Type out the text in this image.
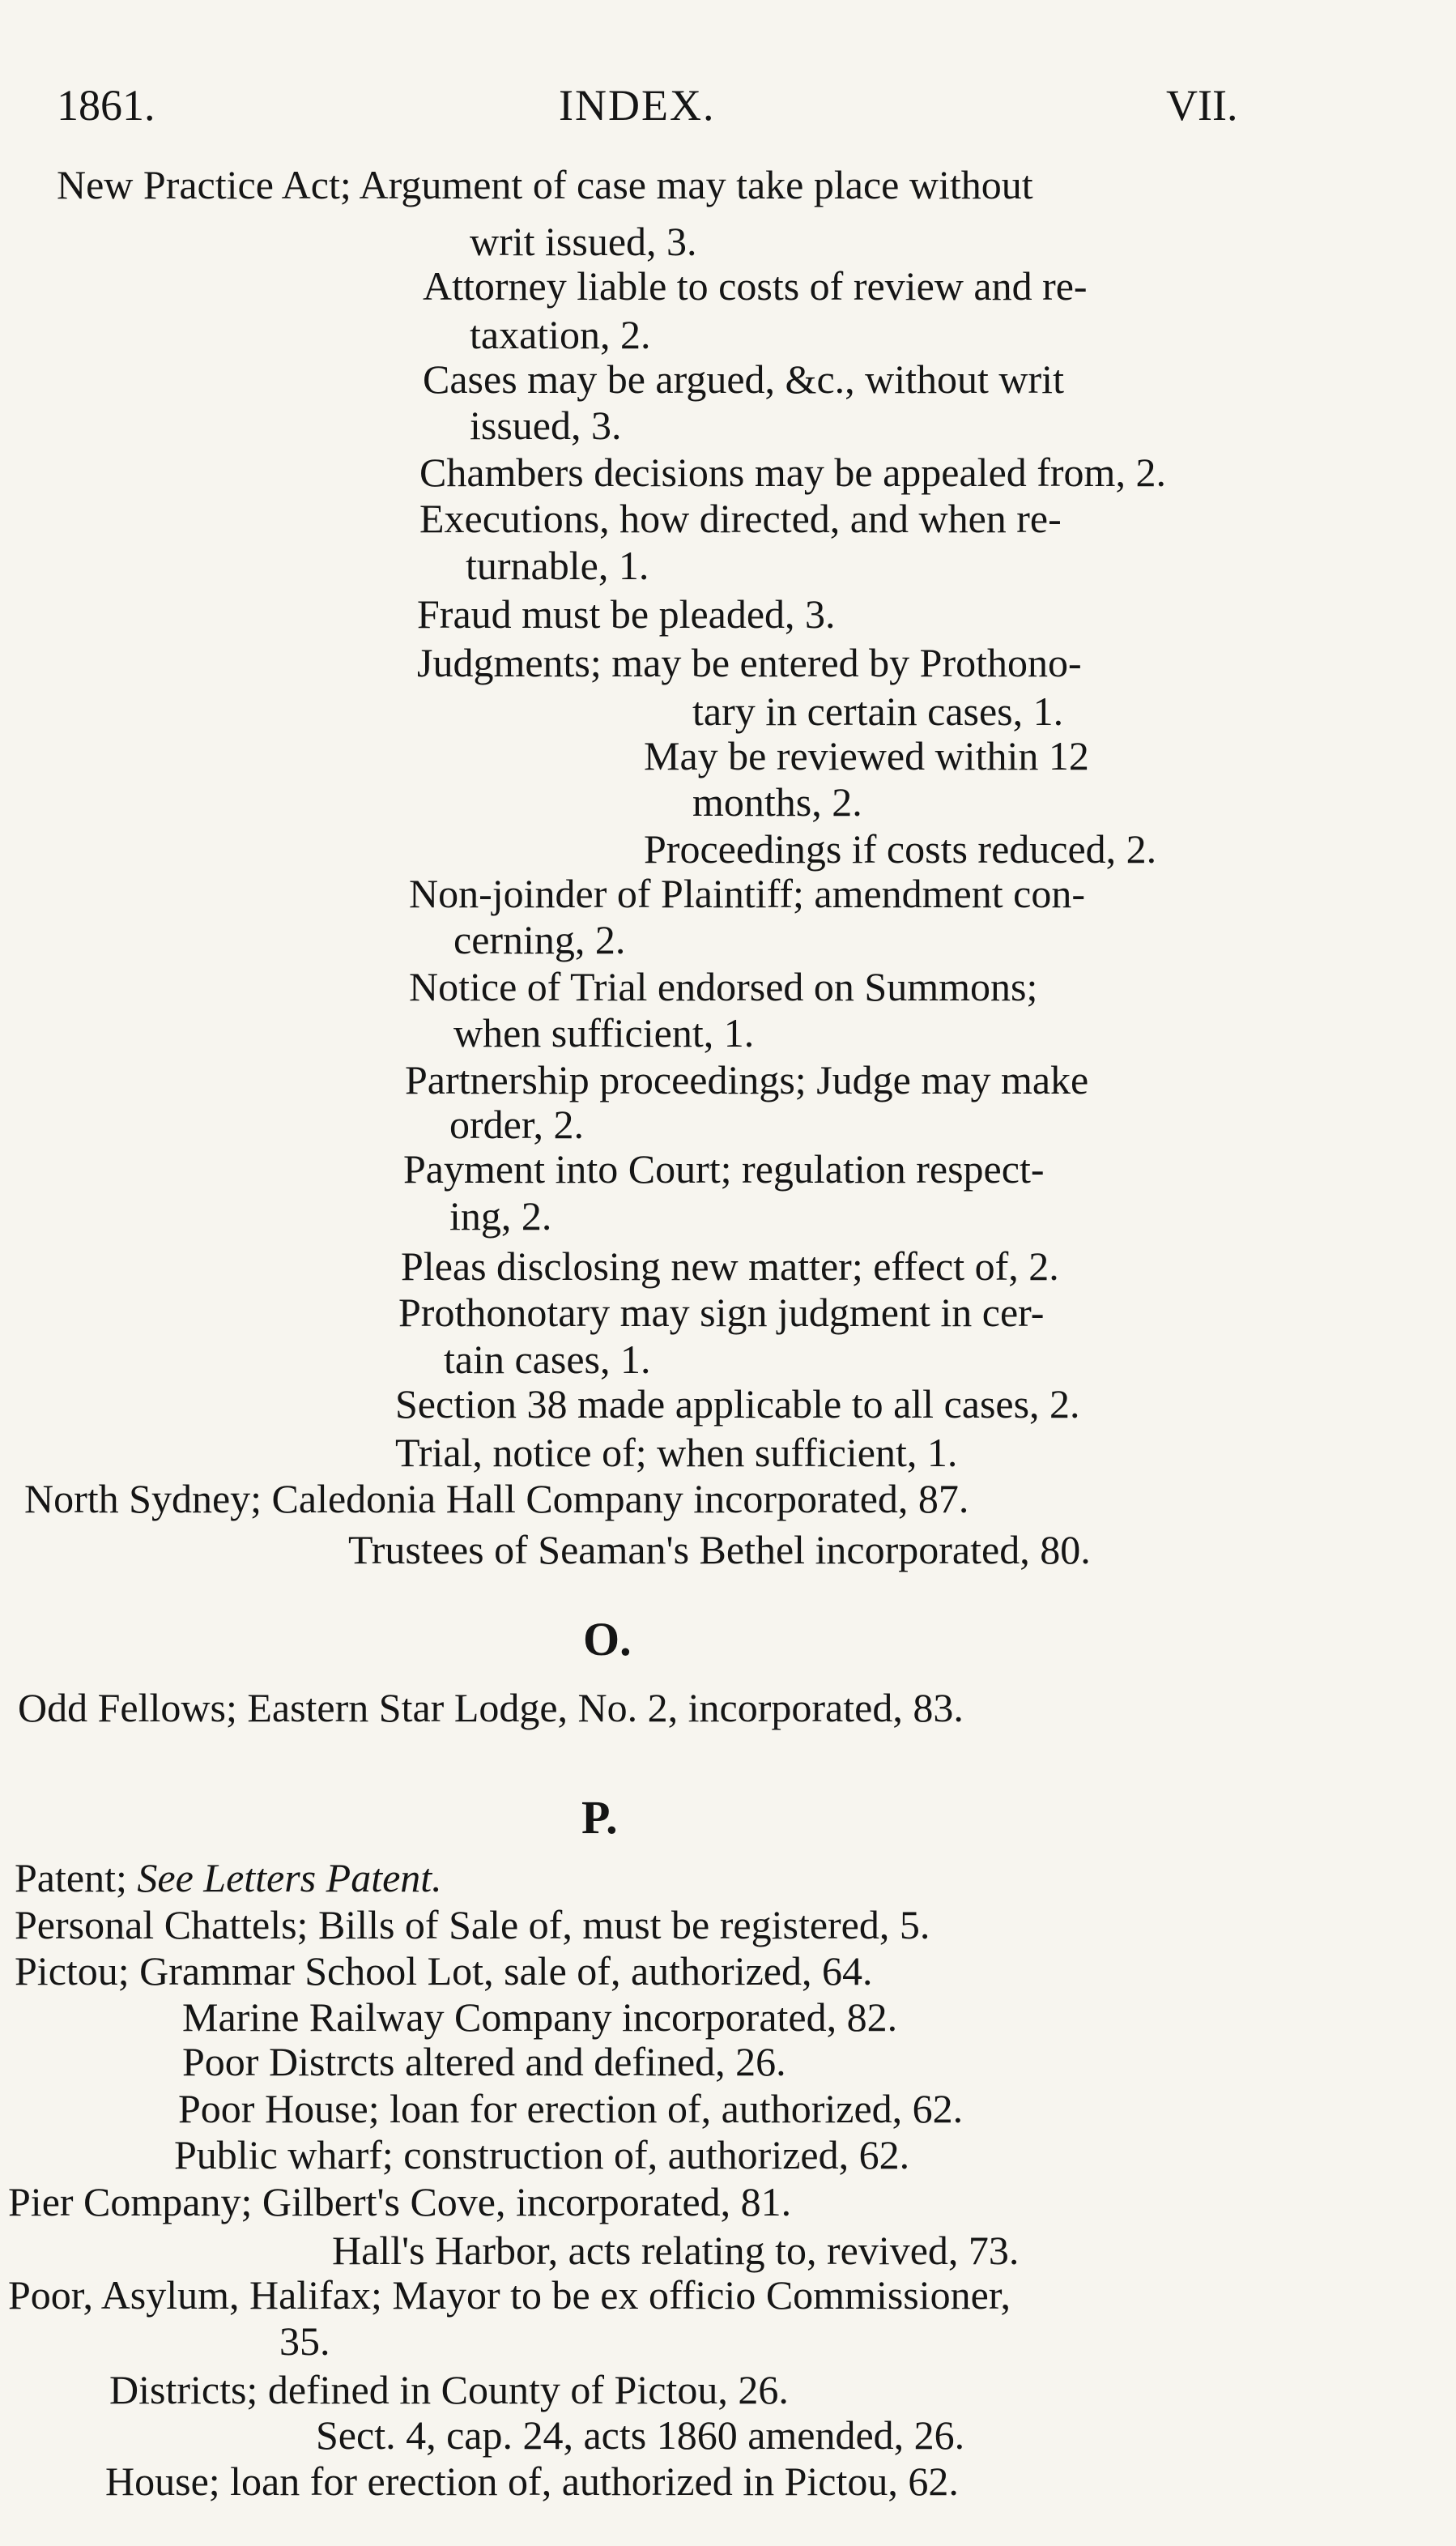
1861.	INDEX.	VII.
New Practice Act; Argument of case may take place without
writ issued, 3.
Attorney liable to costs of review and re-
taxation, 2.
Cases may be argued, &c., without writ
issued, 3.
Chambers decisions may be appealed from, 2.
Executions, how directed, and when re-
turnable, 1.
Fraud must be pleaded, 3.
Judgments; may be entered by Prothono-
tary in certain cases, 1.
May be reviewed within 12
months, 2.
Proceedings if costs reduced, 2.
Non-joinder of Plaintiff; amendment con-
cerning, 2.
Notice of Trial endorsed on Summons;
when sufficient, 1.
Partnership proceedings; Judge may make
order, 2.
Payment into Court; regulation respect-
ing, 2.
Pleas disclosing new matter; effect of, 2.
Prothonotary may sign judgment in cer-
tain cases, 1.
Section 38 made applicable to all cases, 2.
Trial, notice of; when sufficient, 1.
North Sydney; Caledonia Hall Company incorporated, 87.
Trustees of Seaman's Bethel incorporated, 80.
O.
Odd Fellows; Eastern Star Lodge, No. 2, incorporated, 83.
P.
Patent; See Letters Patent.
Personal Chattels; Bills of Sale of, must be registered, 5.
Pictou; Grammar School Lot, sale of, authorized, 64.
Marine Railway Company incorporated, 82.
Poor Distrcts altered and defined, 26.
Poor House; loan for erection of, authorized, 62.
Public wharf; construction of, authorized, 62.
Pier Company; Gilbert's Cove, incorporated, 81.
Hall's Harbor, acts relating to, revived, 73.
Poor, Asylum, Halifax; Mayor to be ex officio Commissioner,
35.
Districts; defined in County of Pictou, 26.
Sect. 4, cap. 24, acts 1860 amended, 26.
House; loan for erection of, authorized in Pictou, 62.
